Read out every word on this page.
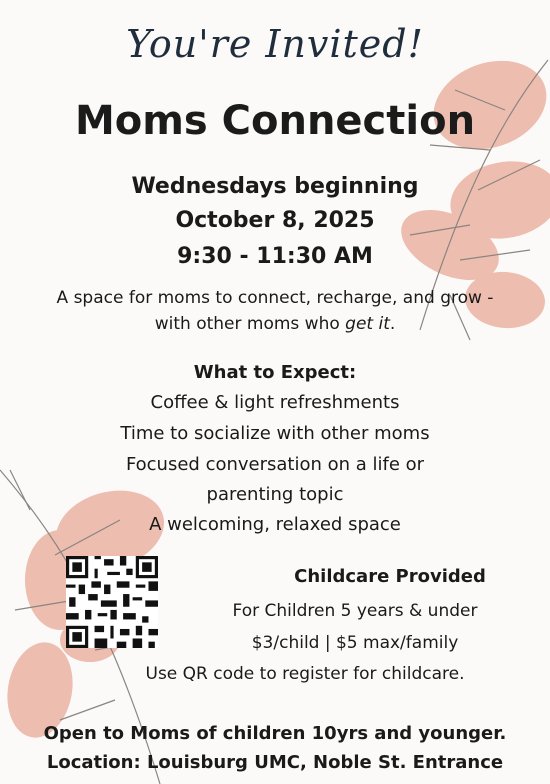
You're Invited!
Moms Connection
Wednesdays beginning
October 8, 2025
9:30 - 11:30 AM
A space for moms to connect, recharge, and grow -
with other moms who get it.
What to Expect:
Coffee & light refreshments
Time to socialize with other moms
Focused conversation on a life or
parenting topic
A welcoming, relaxed space
Childcare Provided
For Children 5 years & under
$3/child | $5 max/family
Use QR code to register for childcare.
Open to Moms of children 10yrs and younger.
Location: Louisburg UMC, Noble St. Entrance
